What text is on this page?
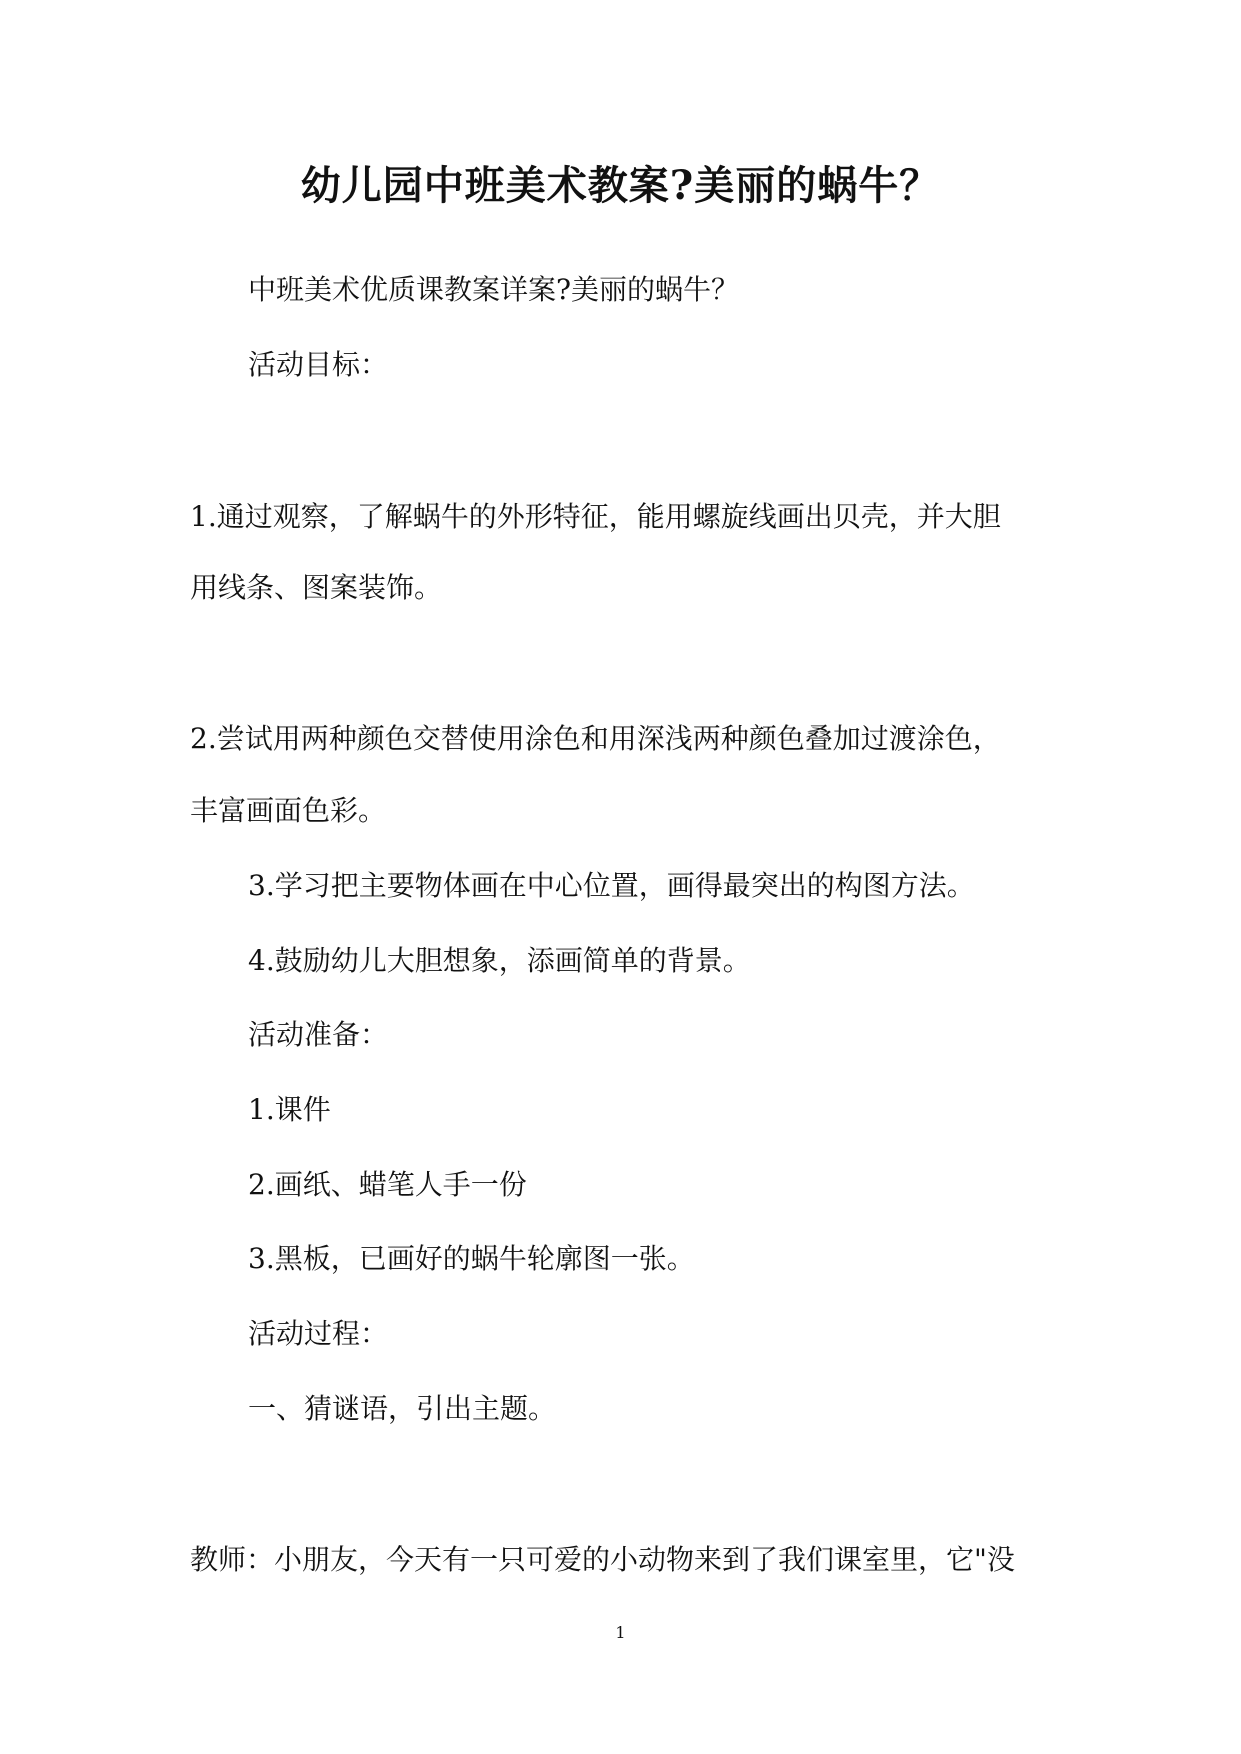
幼儿园中班美术教案?美丽的蜗牛？
中班美术优质课教案详案?美丽的蜗牛？
活动目标：
1.通过观察，了解蜗牛的外形特征，能用螺旋线画出贝壳，并大胆
用线条、图案装饰。
2.尝试用两种颜色交替使用涂色和用深浅两种颜色叠加过渡涂色，
丰富画面色彩。
3.学习把主要物体画在中心位置，画得最突出的构图方法。
4.鼓励幼儿大胆想象，添画简单的背景。
活动准备：
1.课件
2.画纸、蜡笔人手一份
3.黑板，已画好的蜗牛轮廓图一张。
活动过程：
一、猜谜语，引出主题。
教师：小朋友，今天有一只可爱的小动物来到了我们课室里，它"没
1
